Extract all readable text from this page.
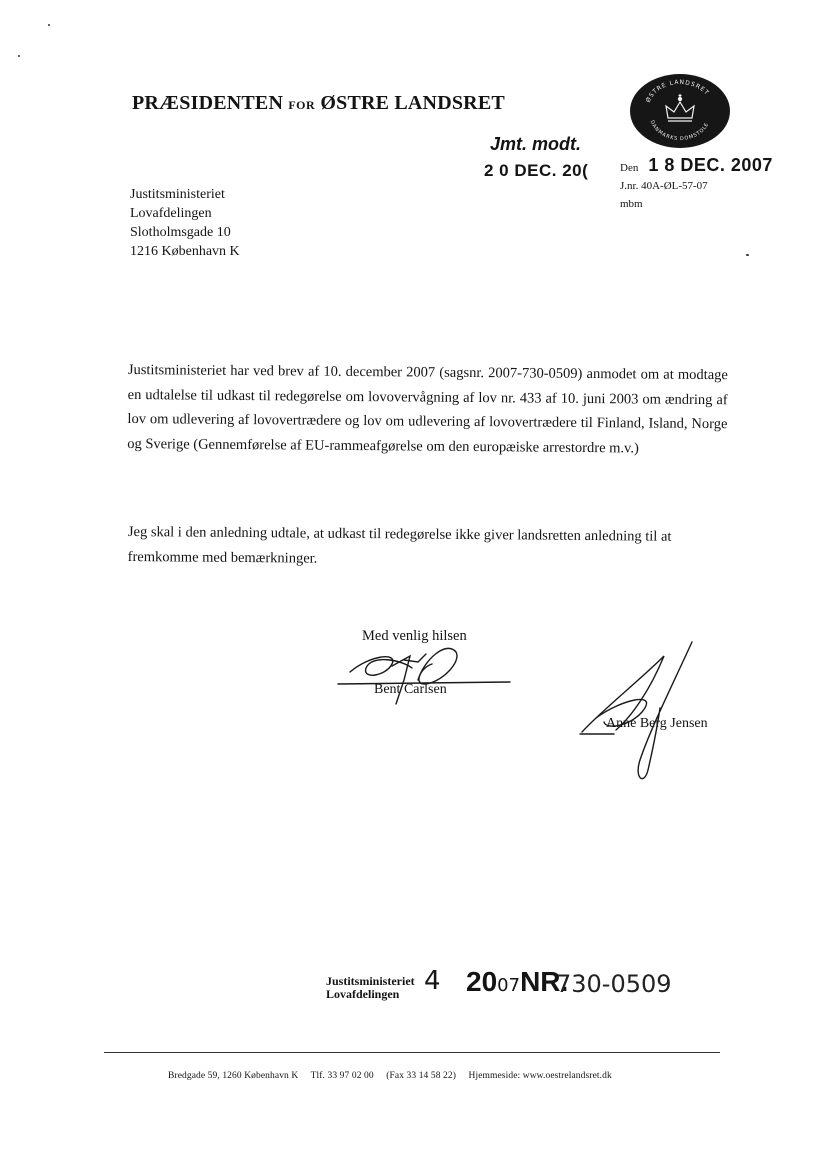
PRÆSIDENTEN FOR ØSTRE LANDSRET	ØSTRE LANDSRET
DANMARKS DOMSTOLE
Jmt. modt.
2 0 DEC. 20(	Den 1 8 DEC. 2007
J.nr. 40A-ØL-57-07
mbm
Justitsministeriet
Lovafdelingen
Slotholmsgade 10
1216 København K
Justitsministeriet har ved brev af 10. december 2007 (sagsnr. 2007-730-0509) anmodet om at modtage en udtalelse til udkast til redegørelse om lovovervågning af lov nr. 433 af 10. juni 2003 om ændring af lov om udlevering af lovovertrædere og lov om udlevering af lovovertrædere til Finland, Island, Norge og Sverige (Gennemførelse af EU-rammeafgørelse om den europæiske arrestordre m.v.)
Jeg skal i den anledning udtale, at udkast til redegørelse ikke giver landsretten anledning til at fremkomme med bemærkninger.
Med venlig hilsen
Bent Carlsen
Anne Berg Jensen
Justitsministeriet
Lovafdelingen 4 2007NR.
730-0509
Bredgade 59, 1260 København K Tlf. 33 97 02 00 (Fax 33 14 58 22) Hjemmeside: www.oestrelandsret.dk
